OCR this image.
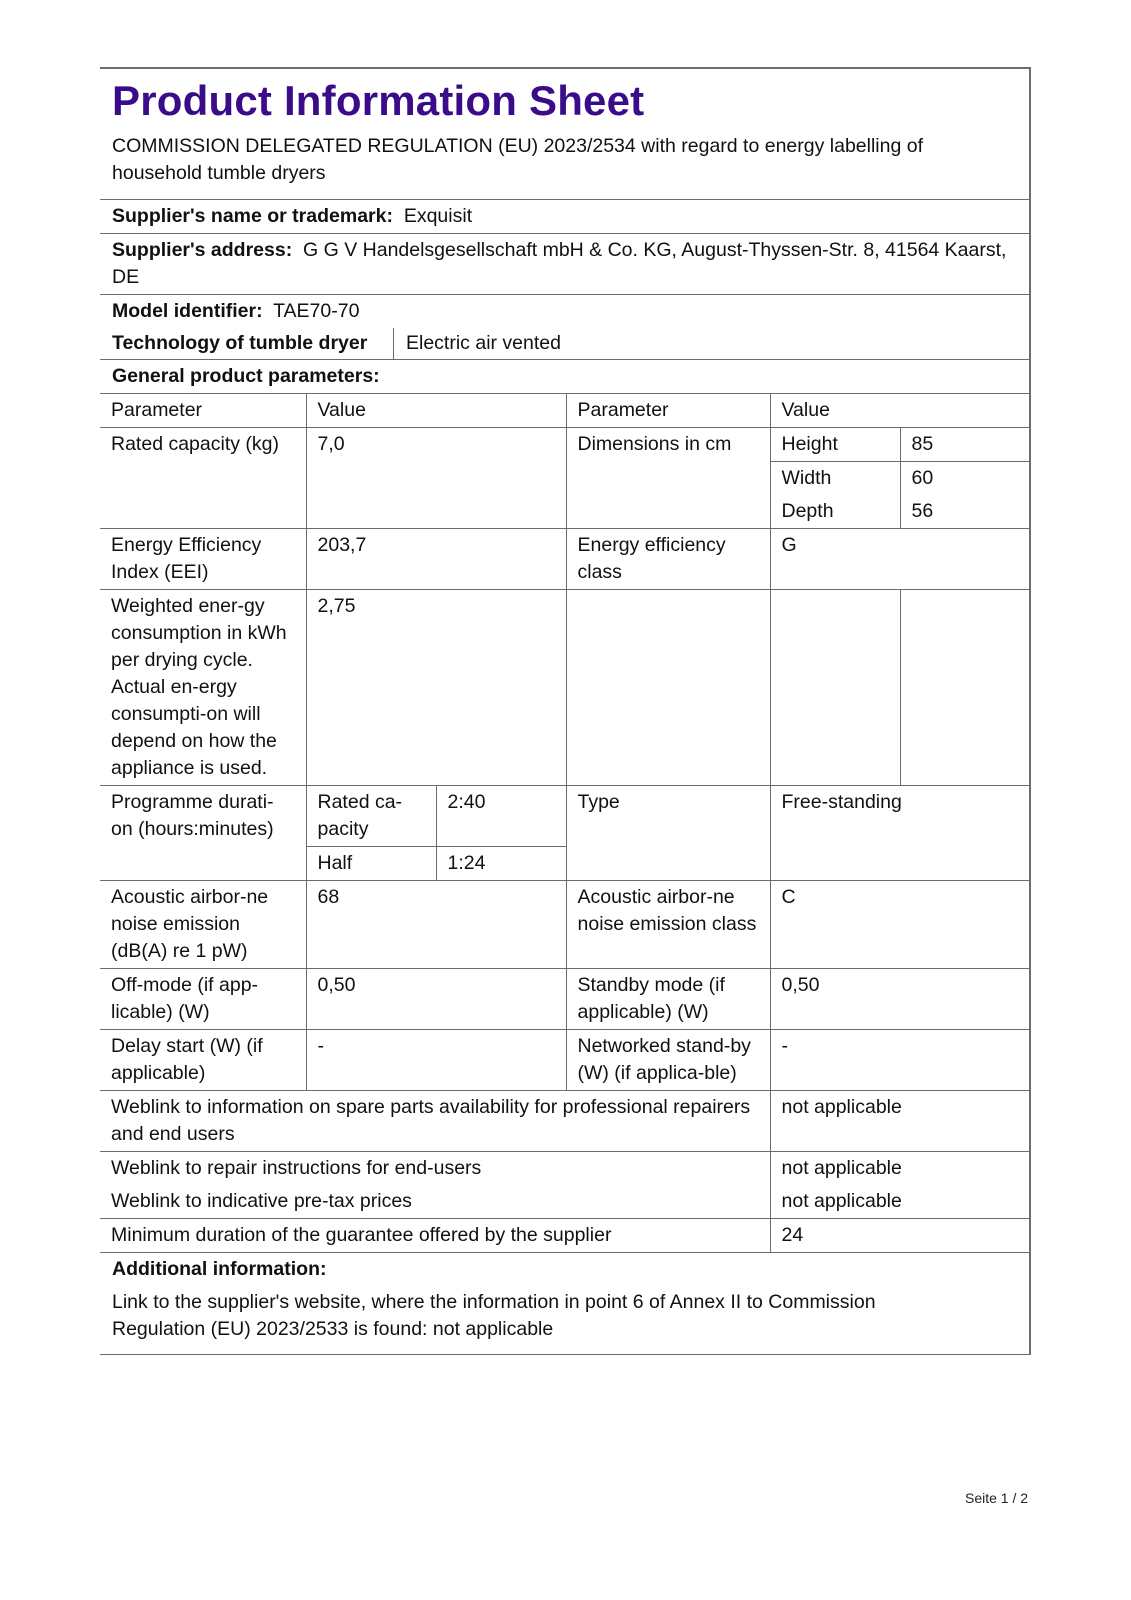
Product Information Sheet
COMMISSION DELEGATED REGULATION (EU) 2023/2534 with regard to energy labelling of household tumble dryers
Supplier's name or trademark: Exquisit
Supplier's address: G G V Handelsgesellschaft mbH & Co. KG, August-Thyssen-Str. 8, 41564 Kaarst, DE
Model identifier: TAE70-70
Technology of tumble dryer	Electric air vented
General product parameters:
Parameter	Value		Parameter	Value	
Rated capacity (kg)	7,0		Dimensions in cm	Height	85
				Width	60
				Depth	56
Energy Efficiency Index (EEI)	203,7		Energy efficiency class	G	
Weighted ener-gy consumption in kWh per drying cycle. Actual en-ergy consumpti-on will depend on how the appliance is used.	2,75				
Programme durati-on (hours:minutes)	Rated ca-pacity	2:40	Type	Free-standing	
	Half	1:24			
Acoustic airbor-ne noise emission (dB(A) re 1 pW)	68		Acoustic airbor-ne noise emission class	C	
Off-mode (if app-licable) (W)	0,50		Standby mode (if applicable) (W)	0,50	
Delay start (W) (if applicable)	-		Networked stand-by (W) (if applica-ble)	-	
Weblink to information on spare parts availability for professional repairers and end users				not applicable	
Weblink to repair instructions for end-users				not applicable	
Weblink to indicative pre-tax prices				not applicable	
Minimum duration of the guarantee offered by the supplier				24	
Additional information:
Link to the supplier's website, where the information in point 6 of Annex II to Commission Regulation (EU) 2023/2533 is found: not applicable
Seite 1 / 2
